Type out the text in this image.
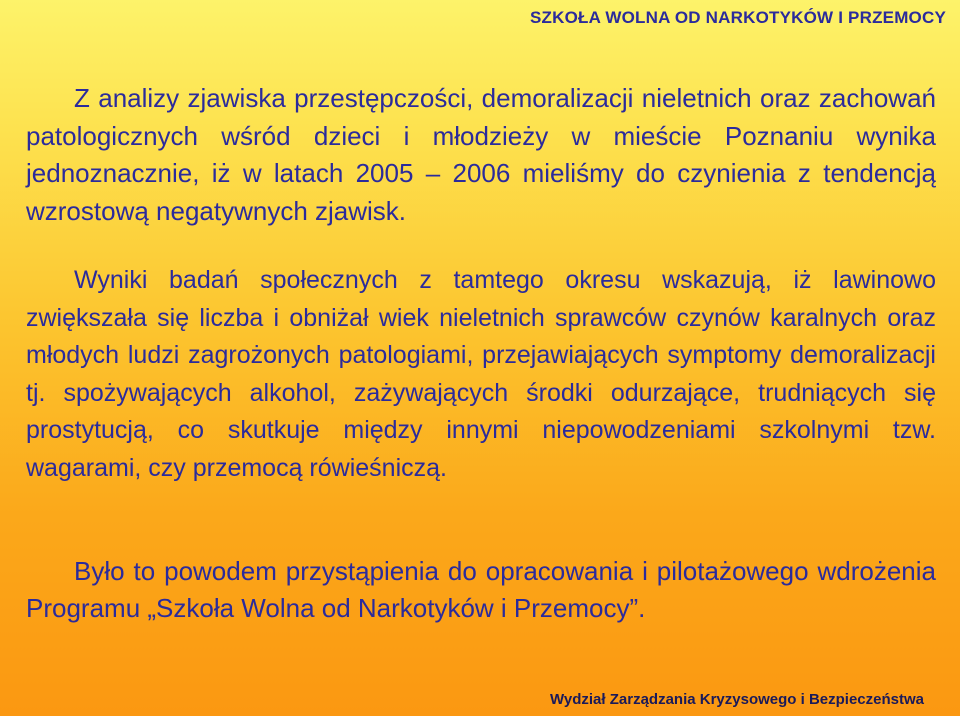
SZKOŁA WOLNA OD NARKOTYKÓW I PRZEMOCY
Z analizy zjawiska przestępczości, demoralizacji nieletnich oraz zachowań patologicznych wśród dzieci i młodzieży w mieście Poznaniu wynika jednoznacznie, iż w latach 2005 – 2006 mieliśmy do czynienia z tendencją wzrostową negatywnych zjawisk.
Wyniki badań społecznych z tamtego okresu wskazują, iż lawinowo zwiększała się liczba i obniżał wiek nieletnich sprawców czynów karalnych oraz młodych ludzi zagrożonych patologiami, przejawiających symptomy demoralizacji tj. spożywających alkohol, zażywających środki odurzające, trudniących się prostytucją, co skutkuje między innymi niepowodzeniami szkolnymi tzw. wagarami, czy przemocą rówieśniczą.
Było to powodem przystąpienia do opracowania i pilotażowego wdrożenia Programu „Szkoła Wolna od Narkotyków i Przemocy”.
Wydział Zarządzania Kryzysowego i Bezpieczeństwa
